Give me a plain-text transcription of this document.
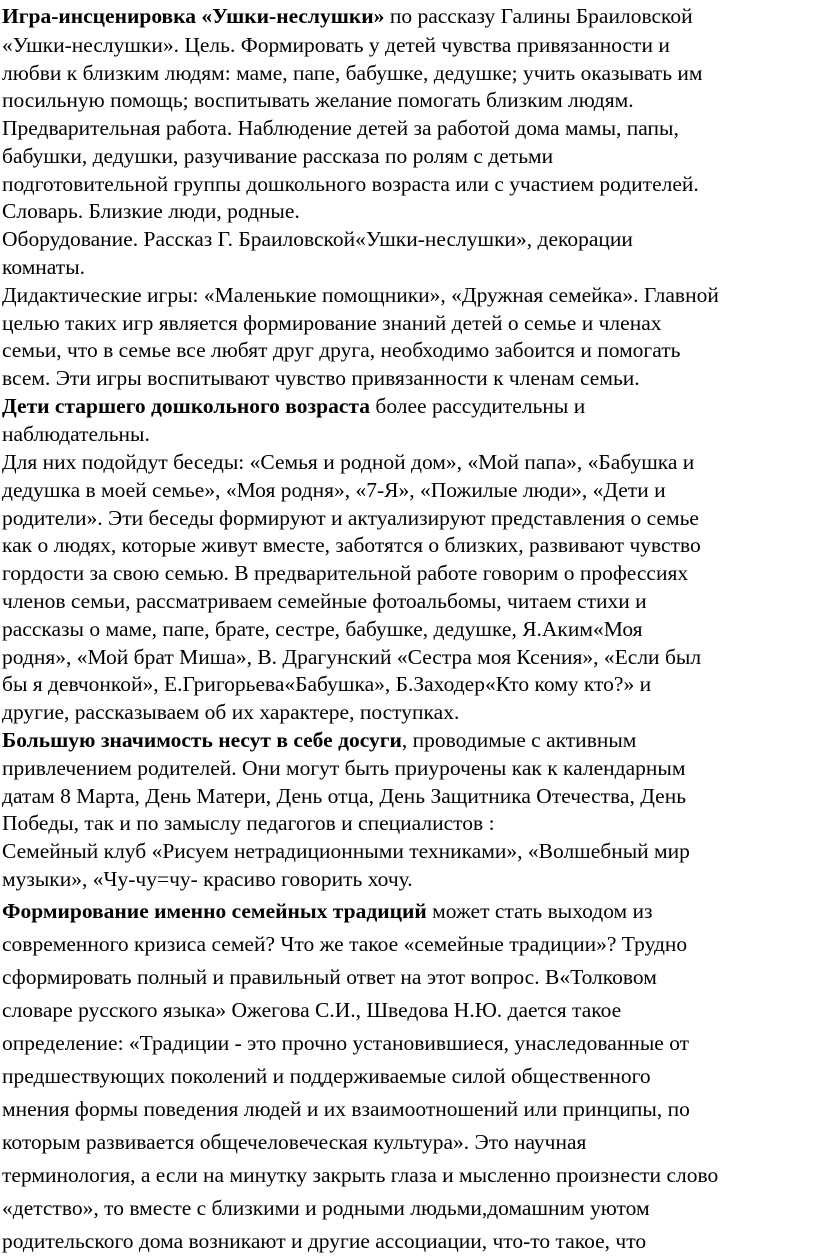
Игра-инсценировка «Ушки-неслушки» по рассказу Галины Браиловской
«Ушки-неслушки». Цель. Формировать у детей чувства привязанности и
любви к близким людям: маме, папе, бабушке, дедушке; учить оказывать им
посильную помощь; воспитывать желание помогать близким людям.
Предварительная работа. Наблюдение детей за работой дома мамы, папы,
бабушки, дедушки, разучивание рассказа по ролям с детьми
подготовительной группы дошкольного возраста или с участием родителей.
Словарь. Близкие люди, родные.
Оборудование. Рассказ Г. Браиловской«Ушки-неслушки», декорации
комнаты.
Дидактические игры: «Маленькие помощники», «Дружная семейка». Главной
целью таких игр является формирование знаний детей о семье и членах
семьи, что в семье все любят друг друга, необходимо забоится и помогать
всем. Эти игры воспитывают чувство привязанности к членам семьи.
Дети старшего дошкольного возраста более рассудительны и
наблюдательны.
Для них подойдут беседы: «Семья и родной дом», «Мой папа», «Бабушка и
дедушка в моей семье», «Моя родня», «7-Я», «Пожилые люди», «Дети и
родители». Эти беседы формируют и актуализируют представления о семье
как о людях, которые живут вместе, заботятся о близких, развивают чувство
гордости за свою семью. В предварительной работе говорим о профессиях
членов семьи, рассматриваем семейные фотоальбомы, читаем стихи и
рассказы о маме, папе, брате, сестре, бабушке, дедушке, Я.Аким«Моя
родня», «Мой брат Миша», В. Драгунский «Сестра моя Ксения», «Если был
бы я девчонкой», Е.Григорьева«Бабушка», Б.Заходер«Кто кому кто?» и
другие, рассказываем об их характере, поступках.
Большую значимость несут в себе досуги, проводимые с активным
привлечением родителей. Они могут быть приурочены как к календарным
датам 8 Марта, День Матери, День отца, День Защитника Отечества, День
Победы, так и по замыслу педагогов и специалистов :
Семейный клуб «Рисуем нетрадиционными техниками», «Волшебный мир
музыки», «Чу-чу=чу- красиво говорить хочу.
Формирование именно семейных традиций может стать выходом из
современного кризиса семей? Что же такое «семейные традиции»? Трудно
сформировать полный и правильный ответ на этот вопрос. В«Толковом
словаре русского языка» Ожегова С.И., Шведова Н.Ю. дается такое
определение: «Традиции - это прочно установившиеся, унаследованные от
предшествующих поколений и поддерживаемые силой общественного
мнения формы поведения людей и их взаимоотношений или принципы, по
которым развивается общечеловеческая культура». Это научная
терминология, а если на минутку закрыть глаза и мысленно произнести слово
«детство», то вместе с близкими и родными людьми,домашним уютом
родительского дома возникают и другие ассоциации, что-то такое, что
